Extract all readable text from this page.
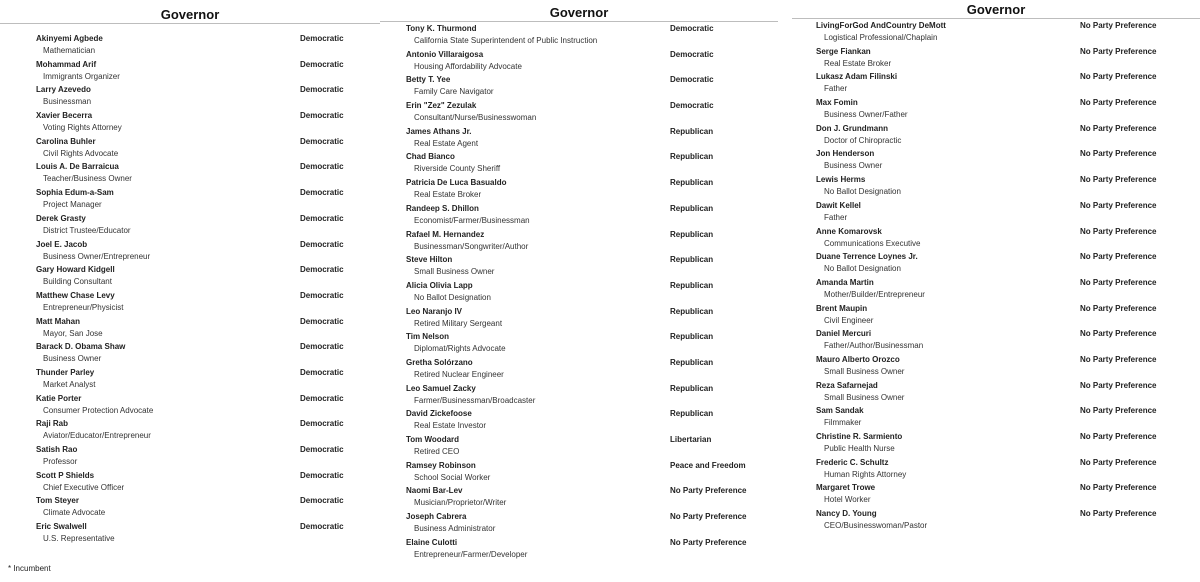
Governor
Akinyemi Agbede
Mathematician
Democratic
Mohammad Arif
Immigrants Organizer
Democratic
Larry Azevedo
Businessman
Democratic
Xavier Becerra
Voting Rights Attorney
Democratic
Carolina Buhler
Civil Rights Advocate
Democratic
Louis A. De Barraicua
Teacher/Business Owner
Democratic
Sophia Edum-a-Sam
Project Manager
Democratic
Derek Grasty
District Trustee/Educator
Democratic
Joel E. Jacob
Business Owner/Entrepreneur
Democratic
Gary Howard Kidgell
Building Consultant
Democratic
Matthew Chase Levy
Entrepreneur/Physicist
Democratic
Matt Mahan
Mayor, San Jose
Democratic
Barack D. Obama Shaw
Business Owner
Democratic
Thunder Parley
Market Analyst
Democratic
Katie Porter
Consumer Protection Advocate
Democratic
Raji Rab
Aviator/Educator/Entrepreneur
Democratic
Satish Rao
Professor
Democratic
Scott P Shields
Chief Executive Officer
Democratic
Tom Steyer
Climate Advocate
Democratic
Eric Swalwell
U.S. Representative
Democratic
Governor
Tony K. Thurmond
California State Superintendent of Public Instruction
Democratic
Antonio Villaraigosa
Housing Affordability Advocate
Democratic
Betty T. Yee
Family Care Navigator
Democratic
Erin "Zez" Zezulak
Consultant/Nurse/Businesswoman
Democratic
James Athans Jr.
Real Estate Agent
Republican
Chad Bianco
Riverside County Sheriff
Republican
Patricia De Luca Basualdo
Real Estate Broker
Republican
Randeep S. Dhillon
Economist/Farmer/Businessman
Republican
Rafael M. Hernandez
Businessman/Songwriter/Author
Republican
Steve Hilton
Small Business Owner
Republican
Alicia Olivia Lapp
No Ballot Designation
Republican
Leo Naranjo IV
Retired Military Sergeant
Republican
Tim Nelson
Diplomat/Rights Advocate
Republican
Gretha Solórzano
Retired Nuclear Engineer
Republican
Leo Samuel Zacky
Farmer/Businessman/Broadcaster
Republican
David Zickefoose
Real Estate Investor
Republican
Tom Woodard
Retired CEO
Libertarian
Ramsey Robinson
School Social Worker
Peace and Freedom
Naomi Bar-Lev
Musician/Proprietor/Writer
No Party Preference
Joseph Cabrera
Business Administrator
No Party Preference
Elaine Culotti
Entrepreneur/Farmer/Developer
No Party Preference
Governor
LivingForGod AndCountry DeMott
Logistical Professional/Chaplain
No Party Preference
Serge Fiankan
Real Estate Broker
No Party Preference
Lukasz Adam Filinski
Father
No Party Preference
Max Fomin
Business Owner/Father
No Party Preference
Don J. Grundmann
Doctor of Chiropractic
No Party Preference
Jon Henderson
Business Owner
No Party Preference
Lewis Herms
No Ballot Designation
No Party Preference
Dawit Kellel
Father
No Party Preference
Anne Komarovsk
Communications Executive
No Party Preference
Duane Terrence Loynes Jr.
No Ballot Designation
No Party Preference
Amanda Martin
Mother/Builder/Entrepreneur
No Party Preference
Brent Maupin
Civil Engineer
No Party Preference
Daniel Mercuri
Father/Author/Businessman
No Party Preference
Mauro Alberto Orozco
Small Business Owner
No Party Preference
Reza Safarnejad
Small Business Owner
No Party Preference
Sam Sandak
Filmmaker
No Party Preference
Christine R. Sarmiento
Public Health Nurse
No Party Preference
Frederic C. Schultz
Human Rights Attorney
No Party Preference
Margaret Trowe
Hotel Worker
No Party Preference
Nancy D. Young
CEO/Businesswoman/Pastor
No Party Preference
* Incumbent
